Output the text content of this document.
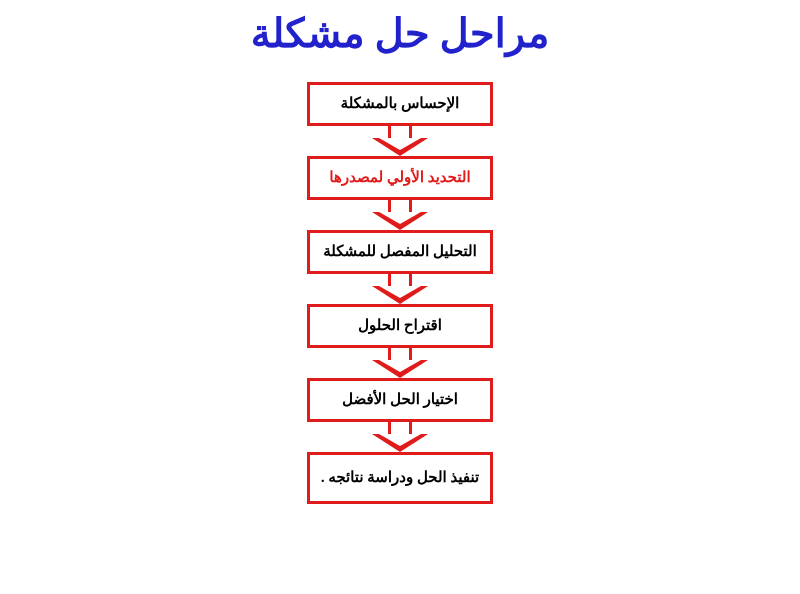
مراحل حل مشكلة
الإحساس بالمشكلة
التحديد الأولي لمصدرها
التحليل المفصل للمشكلة
اقتراح الحلول
اختيار الحل الأفضل
تنفيذ الحل ودراسة نتائجه .
